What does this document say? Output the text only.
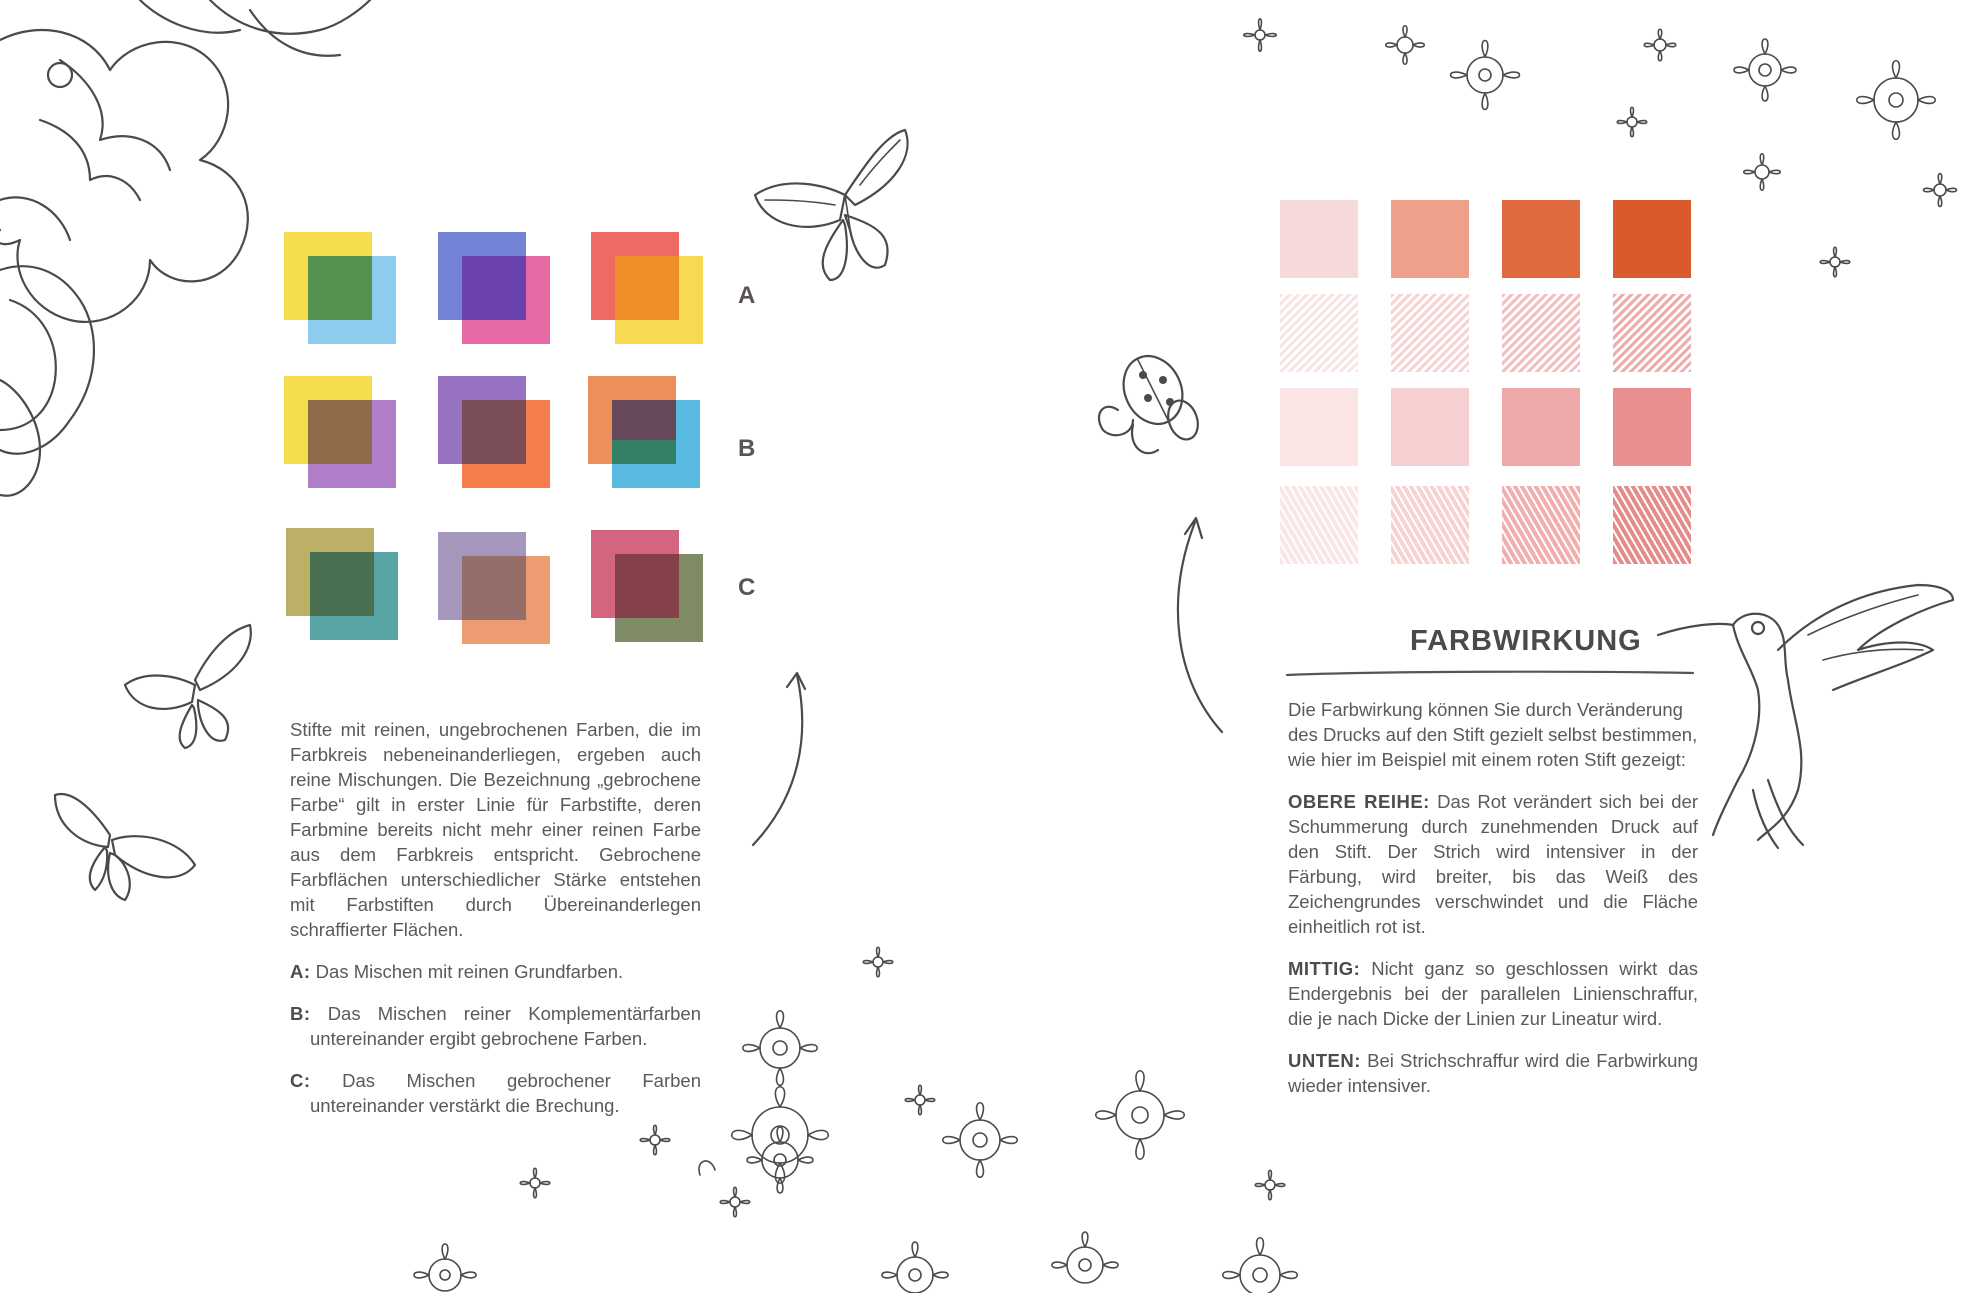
A
B
C

Stifte mit reinen, ungebrochenen Farben, die im Farbkreis nebeneinanderliegen, ergeben auch reine Mischungen. Die Bezeichnung „gebrochene Farbe“ gilt in erster Linie für Farbstifte, deren Farbmine bereits nicht mehr einer reinen Farbe aus dem Farbkreis entspricht. Gebrochene Farbflächen unterschiedlicher Stärke entstehen mit Farbstiften durch Übereinanderlegen schraffierter Flächen.

A: Das Mischen mit reinen Grundfarben.

B: Das Mischen reiner Komplementärfarben untereinander ergibt gebrochene Farben.

C: Das Mischen gebrochener Farben untereinander verstärkt die Brechung.

FARBWIRKUNG

Die Farbwirkung können Sie durch Veränderung des Drucks auf den Stift gezielt selbst bestimmen, wie hier im Beispiel mit einem roten Stift gezeigt:

OBERE REIHE: Das Rot verändert sich bei der Schummerung durch zunehmenden Druck auf den Stift. Der Strich wird intensiver in der Färbung, wird breiter, bis das Weiß des Zeichengrundes verschwindet und die Fläche einheitlich rot ist.

MITTIG: Nicht ganz so geschlossen wirkt das Endergebnis bei der parallelen Linienschraffur, die je nach Dicke der Linien zur Lineatur wird.

UNTEN: Bei Strichschraffur wird die Farbwirkung wieder intensiver.
